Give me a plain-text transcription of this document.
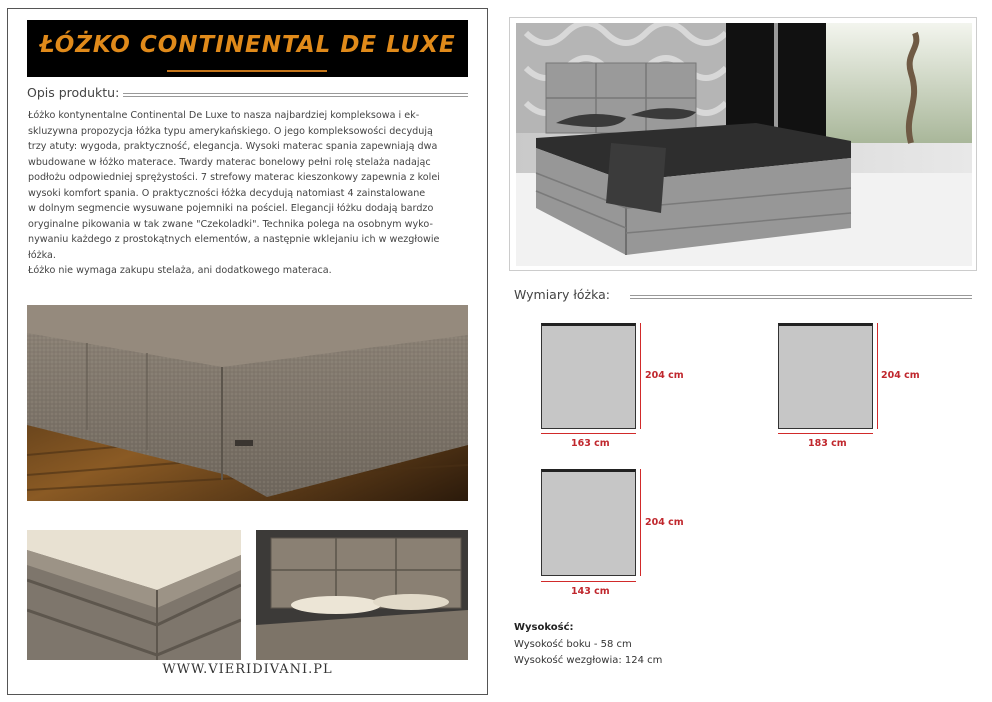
ŁÓŻKO CONTINENTAL DE LUXE
Opis produktu:

Łóżko kontynentalne Continental De Luxe to nasza najbardziej kompleksowa i ek-

skluzywna propozycja łóżka typu amerykańskiego. O jego kompleksowości decydują

trzy atuty: wygoda, praktyczność, elegancja. Wysoki materac spania zapewniają dwa

wbudowane w łóżko materace. Twardy materac bonelowy pełni rolę stelaża nadając

podłożu odpowiedniej sprężystości. 7 strefowy materac kieszonkowy zapewnia z kolei

wysoki komfort spania. O praktyczności łóżka decydują natomiast 4 zainstalowane

w dolnym segmencie wysuwane pojemniki na pościel. Elegancji łóżku dodają bardzo

oryginalne pikowania w tak zwane "Czekoladki". Technika polega na osobnym wyko-

nywaniu każdego z prostokątnych elementów, a następnie wklejaniu ich w wezgłowie

łóżka.

Łóżko nie wymaga zakupu stelaża, ani dodatkowego materaca.

WWW.VIERIDIVANI.PL
Wymiary łóżka:
204 cm
163 cm
204 cm
183 cm
204 cm
143 cm
Wysokość:
Wysokość boku - 58 cm
Wysokość wezgłowia: 124 cm
